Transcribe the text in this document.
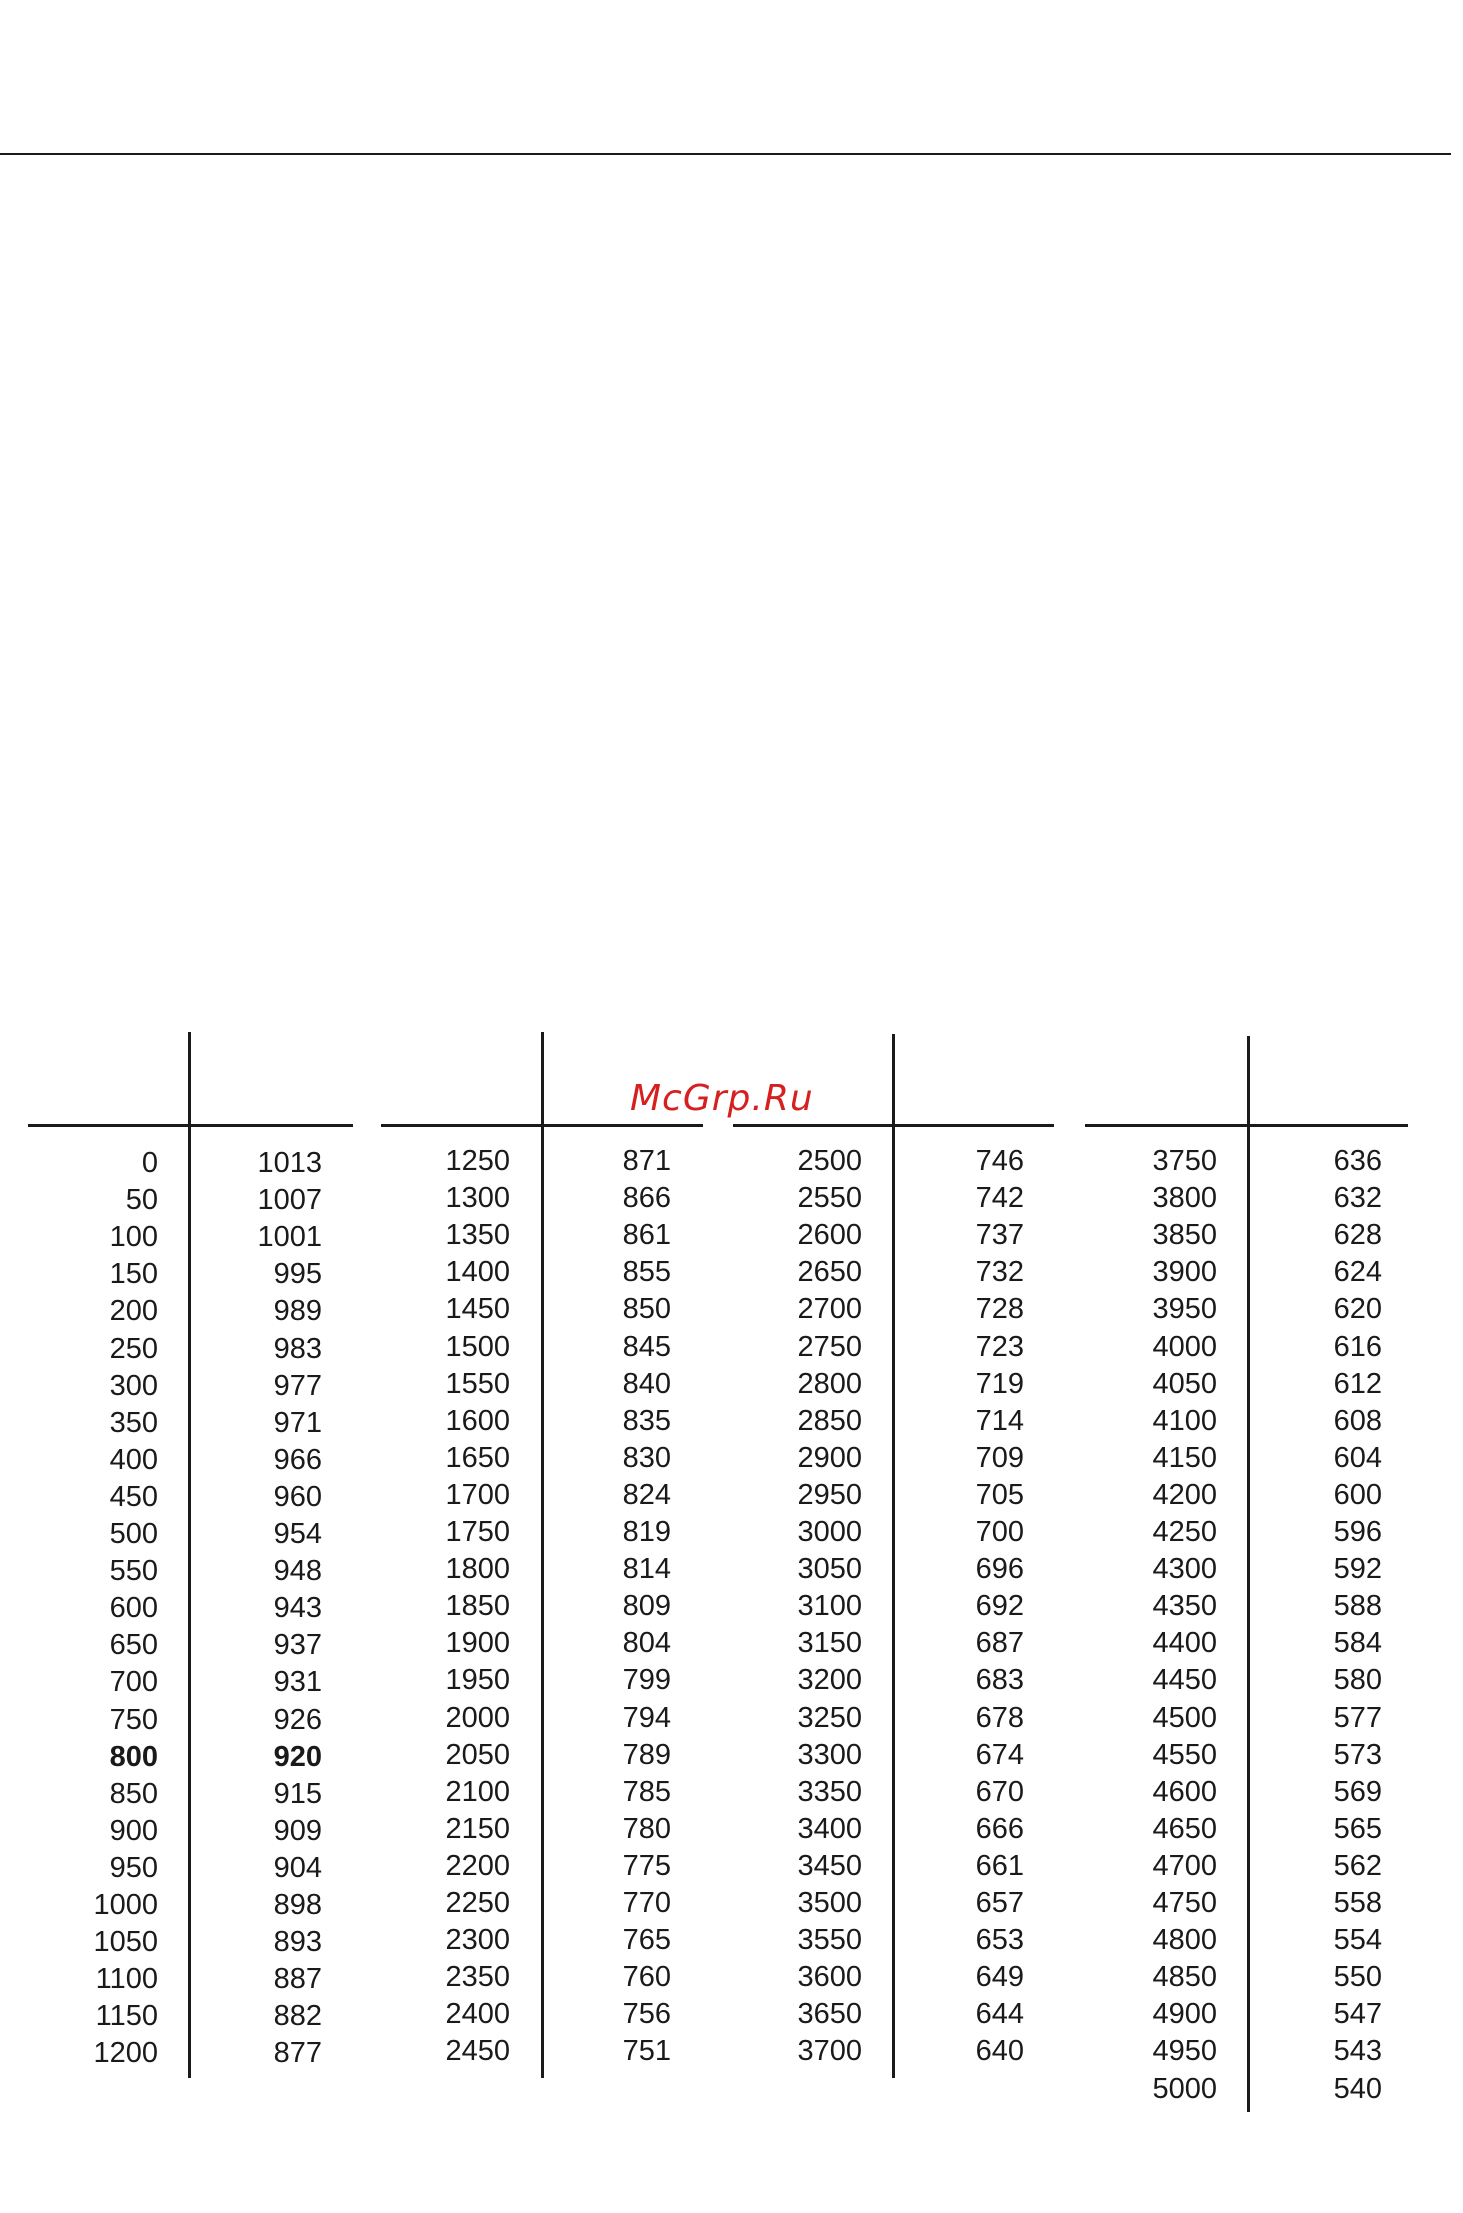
McGrp.Ru
0	1013
50	1007
100	1001
150	995
200	989
250	983
300	977
350	971
400	966
450	960
500	954
550	948
600	943
650	937
700	931
750	926
800	920
850	915
900	909
950	904
1000	898
1050	893
1100	887
1150	882
1200	877
1250	871
1300	866
1350	861
1400	855
1450	850
1500	845
1550	840
1600	835
1650	830
1700	824
1750	819
1800	814
1850	809
1900	804
1950	799
2000	794
2050	789
2100	785
2150	780
2200	775
2250	770
2300	765
2350	760
2400	756
2450	751
2500	746
2550	742
2600	737
2650	732
2700	728
2750	723
2800	719
2850	714
2900	709
2950	705
3000	700
3050	696
3100	692
3150	687
3200	683
3250	678
3300	674
3350	670
3400	666
3450	661
3500	657
3550	653
3600	649
3650	644
3700	640
3750	636
3800	632
3850	628
3900	624
3950	620
4000	616
4050	612
4100	608
4150	604
4200	600
4250	596
4300	592
4350	588
4400	584
4450	580
4500	577
4550	573
4600	569
4650	565
4700	562
4750	558
4800	554
4850	550
4900	547
4950	543
5000	540
